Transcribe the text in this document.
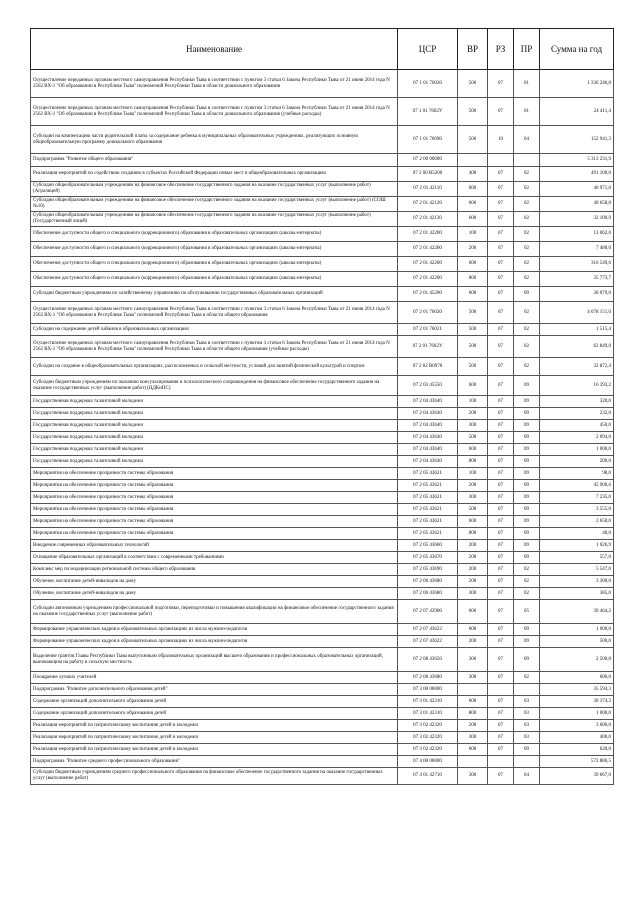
Наименование	ЦСР	ВР	РЗ	ПР	Сумма на год
Осуществление переданных органам местного самоуправления Республики Тыва в соответствии с пунктом 3 статьи 6 Закона Республики Тыва от 21 июня 2014 года N 2562 ВХ-1 "Об образовании в Республике Тыва" полномочий Республики Тыва в области дошкольного образования	07 1 01 76020	500	07	01	1 336 246,0
Осуществление переданных органам местного самоуправления Республики Тыва в соответствии с пунктом 3 статьи 6 Закона Республики Тыва от 21 июня 2014 года N 2562 ВХ-1 "Об образовании в Республике Тыва" полномочий Республики Тыва в области дошкольного образования (учебные расходы)	07 1 01 7602У	500	07	01	24 411,4
Субсидии на компенсацию части родительской платы за содержание ребенка в муниципальных образовательных учреждениях, реализующих основную общеобразовательную программу дошкольного образования	07 1 01 76090	500	10	04	152 941,3
Подпрограмма "Развитие общего образования"	07 2 00 00000				5 313 231,9
Реализация мероприятий по содействию созданию в субъектах Российской Федерации новых мест в общеобразовательных организациях	07 2 00 R5200	400	07	02	491 100,0
Субсидии общеобразовательным учреждениям на финансовое обеспечение государственного задания на оказание государственных услуг (выполнение работ) (Агролицей)	07 2 01 42110	600	07	02	40 971,0
Субсидии общеобразовательным учреждениям на финансовое обеспечение государственного задания на оказание государственных услуг (выполнение работ) (СОШ №10)	07 2 01 42120	600	07	02	40 658,0
Субсидии общеобразовательным учреждениям на финансовое обеспечение государственного задания на оказание государственных услуг (выполнение работ) (Государственный лицей)	07 2 01 42130	600	07	02	32 100,9
Обеспечение доступности общего и специального (коррекционного) образования в образовательных организациях (школы-интернаты)	07 2 01 42200	100	07	02	13 062,0
Обеспечение доступности общего и специального (коррекционного) образования в образовательных организациях (школы-интернаты)	07 2 01 42200	200	07	02	7 480,0
Обеспечение доступности общего и специального (коррекционного) образования в образовательных организациях (школы-интернаты)	07 2 01 42200	600	07	02	316 549,6
Обеспечение доступности общего и специального (коррекционного) образования в образовательных организациях (школы-интернаты)	07 2 01 42200	800	07	02	35 773,7
Субсидии бюджетным учреждениям по хозяйственному управлению по обслуживанию государственных образовательных организаций	07 2 01 45200	600	07	09	36 079,0
Осуществление переданных органам местного самоуправления Республики Тыва в соответствии с пунктом 3 статьи 6 Закона Республики Тыва от 21 июня 2014 года N 2562 ВХ-1 "Об образовании в Республике Тыва" полномочий Республики Тыва в области общего образования	07 2 01 76020	500	07	02	4 078 151,0
Субсидии на содержание детей чабанов в образовательных организациях	07 2 01 76021	500	07	02	1 515,4
Осуществление переданных органам местного самоуправления Республики Тыва в соответствии с пунктом 3 статьи 6 Закона Республики Тыва от 21 июня 2014 года N 2562 ВХ-1 "Об образовании в Республике Тыва" полномочий Республики Тыва в области общего образования (учебные расходы)	07 2 01 7602У	500	07	02	62 849,0
Субсидии на создание в общеобразовательных организациях, расположенных в сельской местности, условий для занятий физической культурой и спортом	07 2 02 R0970	500	07	02	32 872,4
Субсидии бюджетным учреждениям по оказанию консультирования и психологического сопровождения на финансовое обеспечение государственного задания на оказание государственных услуг (выполнение работ) (ЦДКиПС)	07 2 03 45550	600	07	09	16 393,2
Государственная поддержка талантливой молодежи	07 2 04 43640	100	07	09	320,0
Государственная поддержка талантливой молодежи	07 2 04 43640	200	07	09	232,0
Государственная поддержка талантливой молодежи	07 2 04 43640	300	07	09	450,0
Государственная поддержка талантливой молодежи	07 2 04 43640	500	07	09	2 094,0
Государственная поддержка талантливой молодежи	07 2 04 43640	600	07	09	1 000,0
Государственная поддержка талантливой молодежи	07 2 04 43640	800	07	09	200,0
Мероприятия на обеспечение прозрачности системы образования	07 2 05 43621	100	07	09	98,0
Мероприятия на обеспечение прозрачности системы образования	07 2 05 43621	200	07	09	45 900,6
Мероприятия на обеспечение прозрачности системы образования	07 2 05 43621	300	07	09	7 235,0
Мероприятия на обеспечение прозрачности системы образования	07 2 05 43621	500	07	09	3 555,0
Мероприятия на обеспечение прозрачности системы образования	07 2 05 43621	600	07	09	2 650,0
Мероприятия на обеспечение прозрачности системы образования	07 2 05 43621	800	07	09	48,0
Внедрение современных образовательных технологий	07 2 05 43660	200	07	09	1 026,9
Оснащение образовательных организаций в соответствии с современными требованиями	07 2 05 43670	200	07	09	557,0
Комплекс мер по модернизации региональной системы общего образования	07 2 05 43690	200	07	02	5 547,0
Обучение, воспитание детей-инвалидов на дому	07 2 06 43680	200	07	02	3 300,0
Обучение, воспитание детей-инвалидов на дому	07 2 06 43680	300	07	02	385,0
Субсидии автономным учреждениям профессиональной подготовки, переподготовки и повышения квалификации на финансовое обеспечение государственного задания на оказание государственных услуг (выполнение работ)	07 2 07 42900	600	07	05	30 464,2
Формирование управленческих кадров в образовательных организациях из числа мужчин-педагогов	07 2 07 43622	600	07	09	1 000,0
Формирование управленческих кадров в образовательных организациях из числа мужчин-педагогов	07 2 07 43622	200	07	09	500,0
Выделение грантов Главы Республики Тыва выпускникам образовательных организаций высшего образования и профессиональных образовательных организаций, выезжающим на работу в сельскую местность	07 2 08 43650	300	07	09	2 500,0
Поощрение лучших учителей	07 2 08 43680	300	07	02	600,0
Подпрограмма "Развитие дополнительного образования детей"	07 3 00 00000				35 594,3
Содержание организаций дополнительного образования детей	07 3 01 42310	600	07	03	30 374,3
Содержание организаций дополнительного образования детей	07 3 01 42310	800	07	03	1 000,0
Реализация мероприятий по патриотическому воспитанию детей и молодежи	07 3 02 42320	200	07	03	3 600,0
Реализация мероприятий по патриотическому воспитанию детей и молодежи	07 3 02 42320	300	07	03	400,0
Реализация мероприятий по патриотическому воспитанию детей и молодежи	07 3 02 42320	600	07	09	620,0
Подпрограмма "Развитие среднего профессионального образования"	07 4 00 00000				572 886,5
Субсидии бюджетным учреждениям среднего профессионального образования на финансовое обеспечение государственного задания на оказание государственных услуг (выполнение работ)	07 4 01 42710	300	07	04	39 667,0
